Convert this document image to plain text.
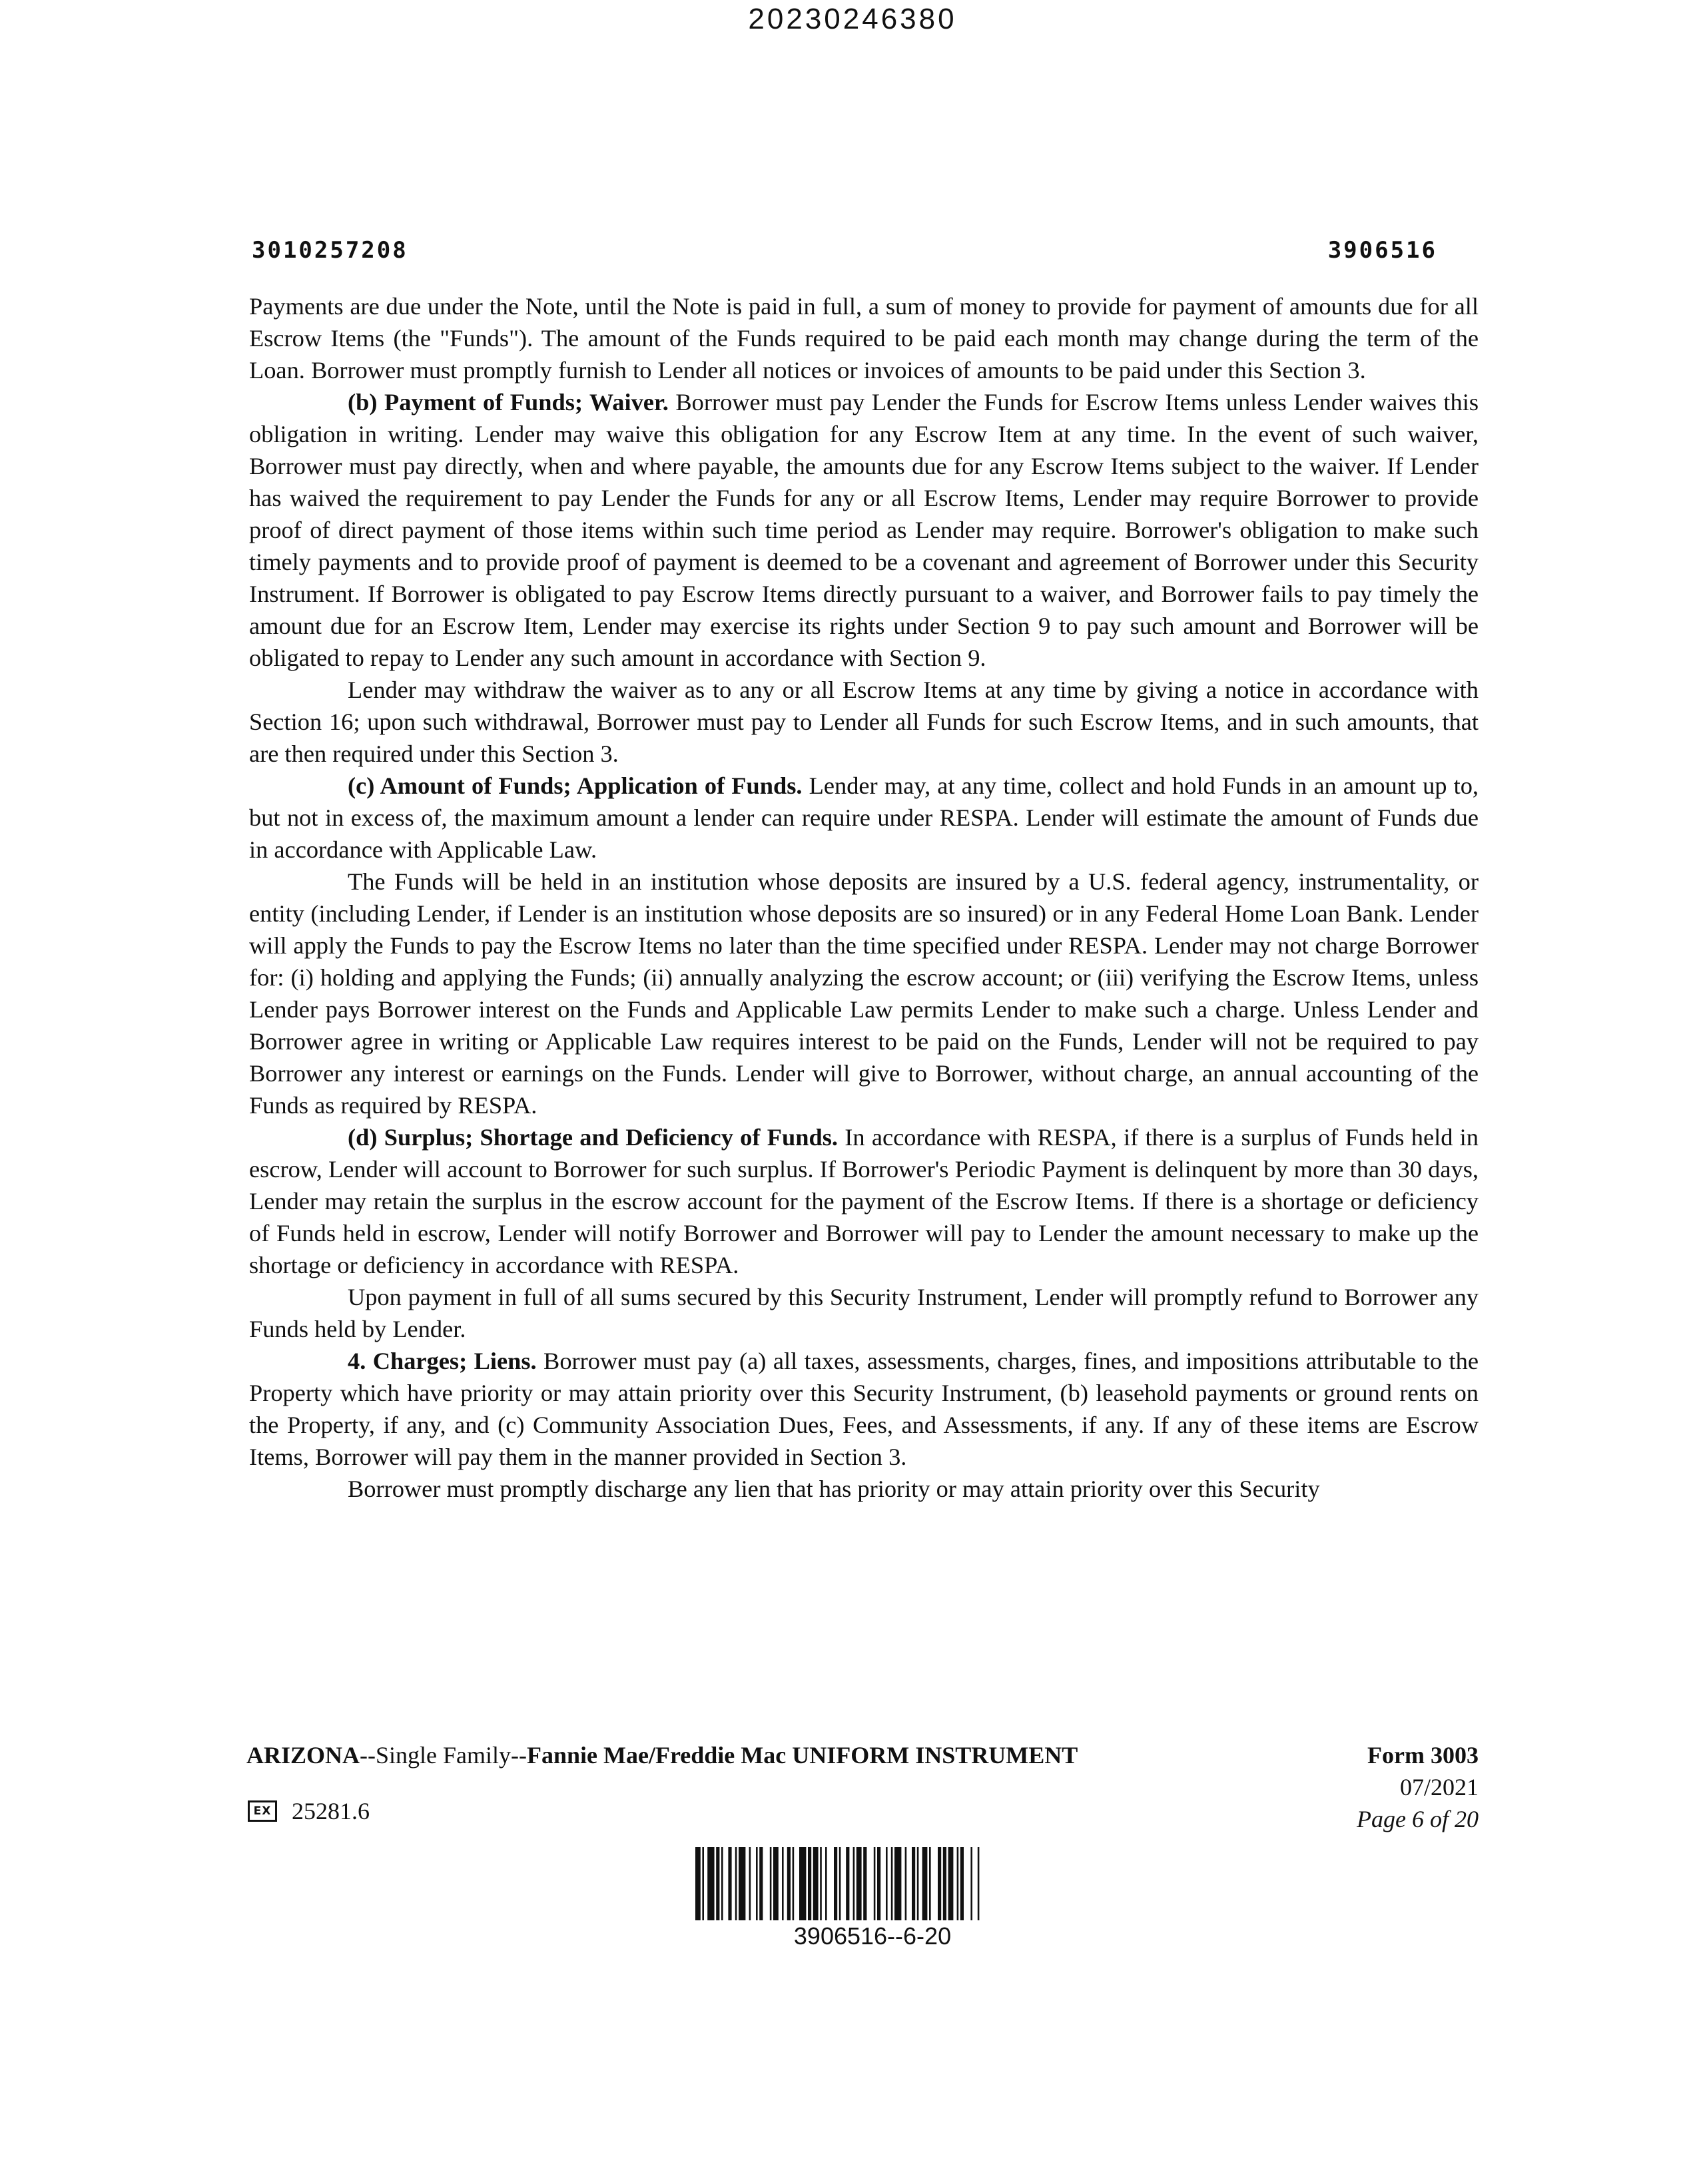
20230246380
3010257208	3906516

Payments are due under the Note, until the Note is paid in full, a sum of money to provide for payment of amounts due for all Escrow Items (the "Funds"). The amount of the Funds required to be paid each month may change during the term of the Loan. Borrower must promptly furnish to Lender all notices or invoices of amounts to be paid under this Section 3.

(b) Payment of Funds; Waiver. Borrower must pay Lender the Funds for Escrow Items unless Lender waives this obligation in writing. Lender may waive this obligation for any Escrow Item at any time. In the event of such waiver, Borrower must pay directly, when and where payable, the amounts due for any Escrow Items subject to the waiver. If Lender has waived the requirement to pay Lender the Funds for any or all Escrow Items, Lender may require Borrower to provide proof of direct payment of those items within such time period as Lender may require. Borrower's obligation to make such timely payments and to provide proof of payment is deemed to be a covenant and agreement of Borrower under this Security Instrument. If Borrower is obligated to pay Escrow Items directly pursuant to a waiver, and Borrower fails to pay timely the amount due for an Escrow Item, Lender may exercise its rights under Section 9 to pay such amount and Borrower will be obligated to repay to Lender any such amount in accordance with Section 9.

Lender may withdraw the waiver as to any or all Escrow Items at any time by giving a notice in accordance with Section 16; upon such withdrawal, Borrower must pay to Lender all Funds for such Escrow Items, and in such amounts, that are then required under this Section 3.

(c) Amount of Funds; Application of Funds. Lender may, at any time, collect and hold Funds in an amount up to, but not in excess of, the maximum amount a lender can require under RESPA. Lender will estimate the amount of Funds due in accordance with Applicable Law.

The Funds will be held in an institution whose deposits are insured by a U.S. federal agency, instrumentality, or entity (including Lender, if Lender is an institution whose deposits are so insured) or in any Federal Home Loan Bank. Lender will apply the Funds to pay the Escrow Items no later than the time specified under RESPA. Lender may not charge Borrower for: (i) holding and applying the Funds; (ii) annually analyzing the escrow account; or (iii) verifying the Escrow Items, unless Lender pays Borrower interest on the Funds and Applicable Law permits Lender to make such a charge. Unless Lender and Borrower agree in writing or Applicable Law requires interest to be paid on the Funds, Lender will not be required to pay Borrower any interest or earnings on the Funds. Lender will give to Borrower, without charge, an annual accounting of the Funds as required by RESPA.

(d) Surplus; Shortage and Deficiency of Funds. In accordance with RESPA, if there is a surplus of Funds held in escrow, Lender will account to Borrower for such surplus. If Borrower's Periodic Payment is delinquent by more than 30 days, Lender may retain the surplus in the escrow account for the payment of the Escrow Items. If there is a shortage or deficiency of Funds held in escrow, Lender will notify Borrower and Borrower will pay to Lender the amount necessary to make up the shortage or deficiency in accordance with RESPA.

Upon payment in full of all sums secured by this Security Instrument, Lender will promptly refund to Borrower any Funds held by Lender.

4. Charges; Liens. Borrower must pay (a) all taxes, assessments, charges, fines, and impositions attributable to the Property which have priority or may attain priority over this Security Instrument, (b) leasehold payments or ground rents on the Property, if any, and (c) Community Association Dues, Fees, and Assessments, if any. If any of these items are Escrow Items, Borrower will pay them in the manner provided in Section 3.

Borrower must promptly discharge any lien that has priority or may attain priority over this Security

ARIZONA--Single Family--Fannie Mae/Freddie Mac UNIFORM INSTRUMENT	Form 3003
07/2021
Page 6 of 20
EX 25281.6
3906516--6-20
